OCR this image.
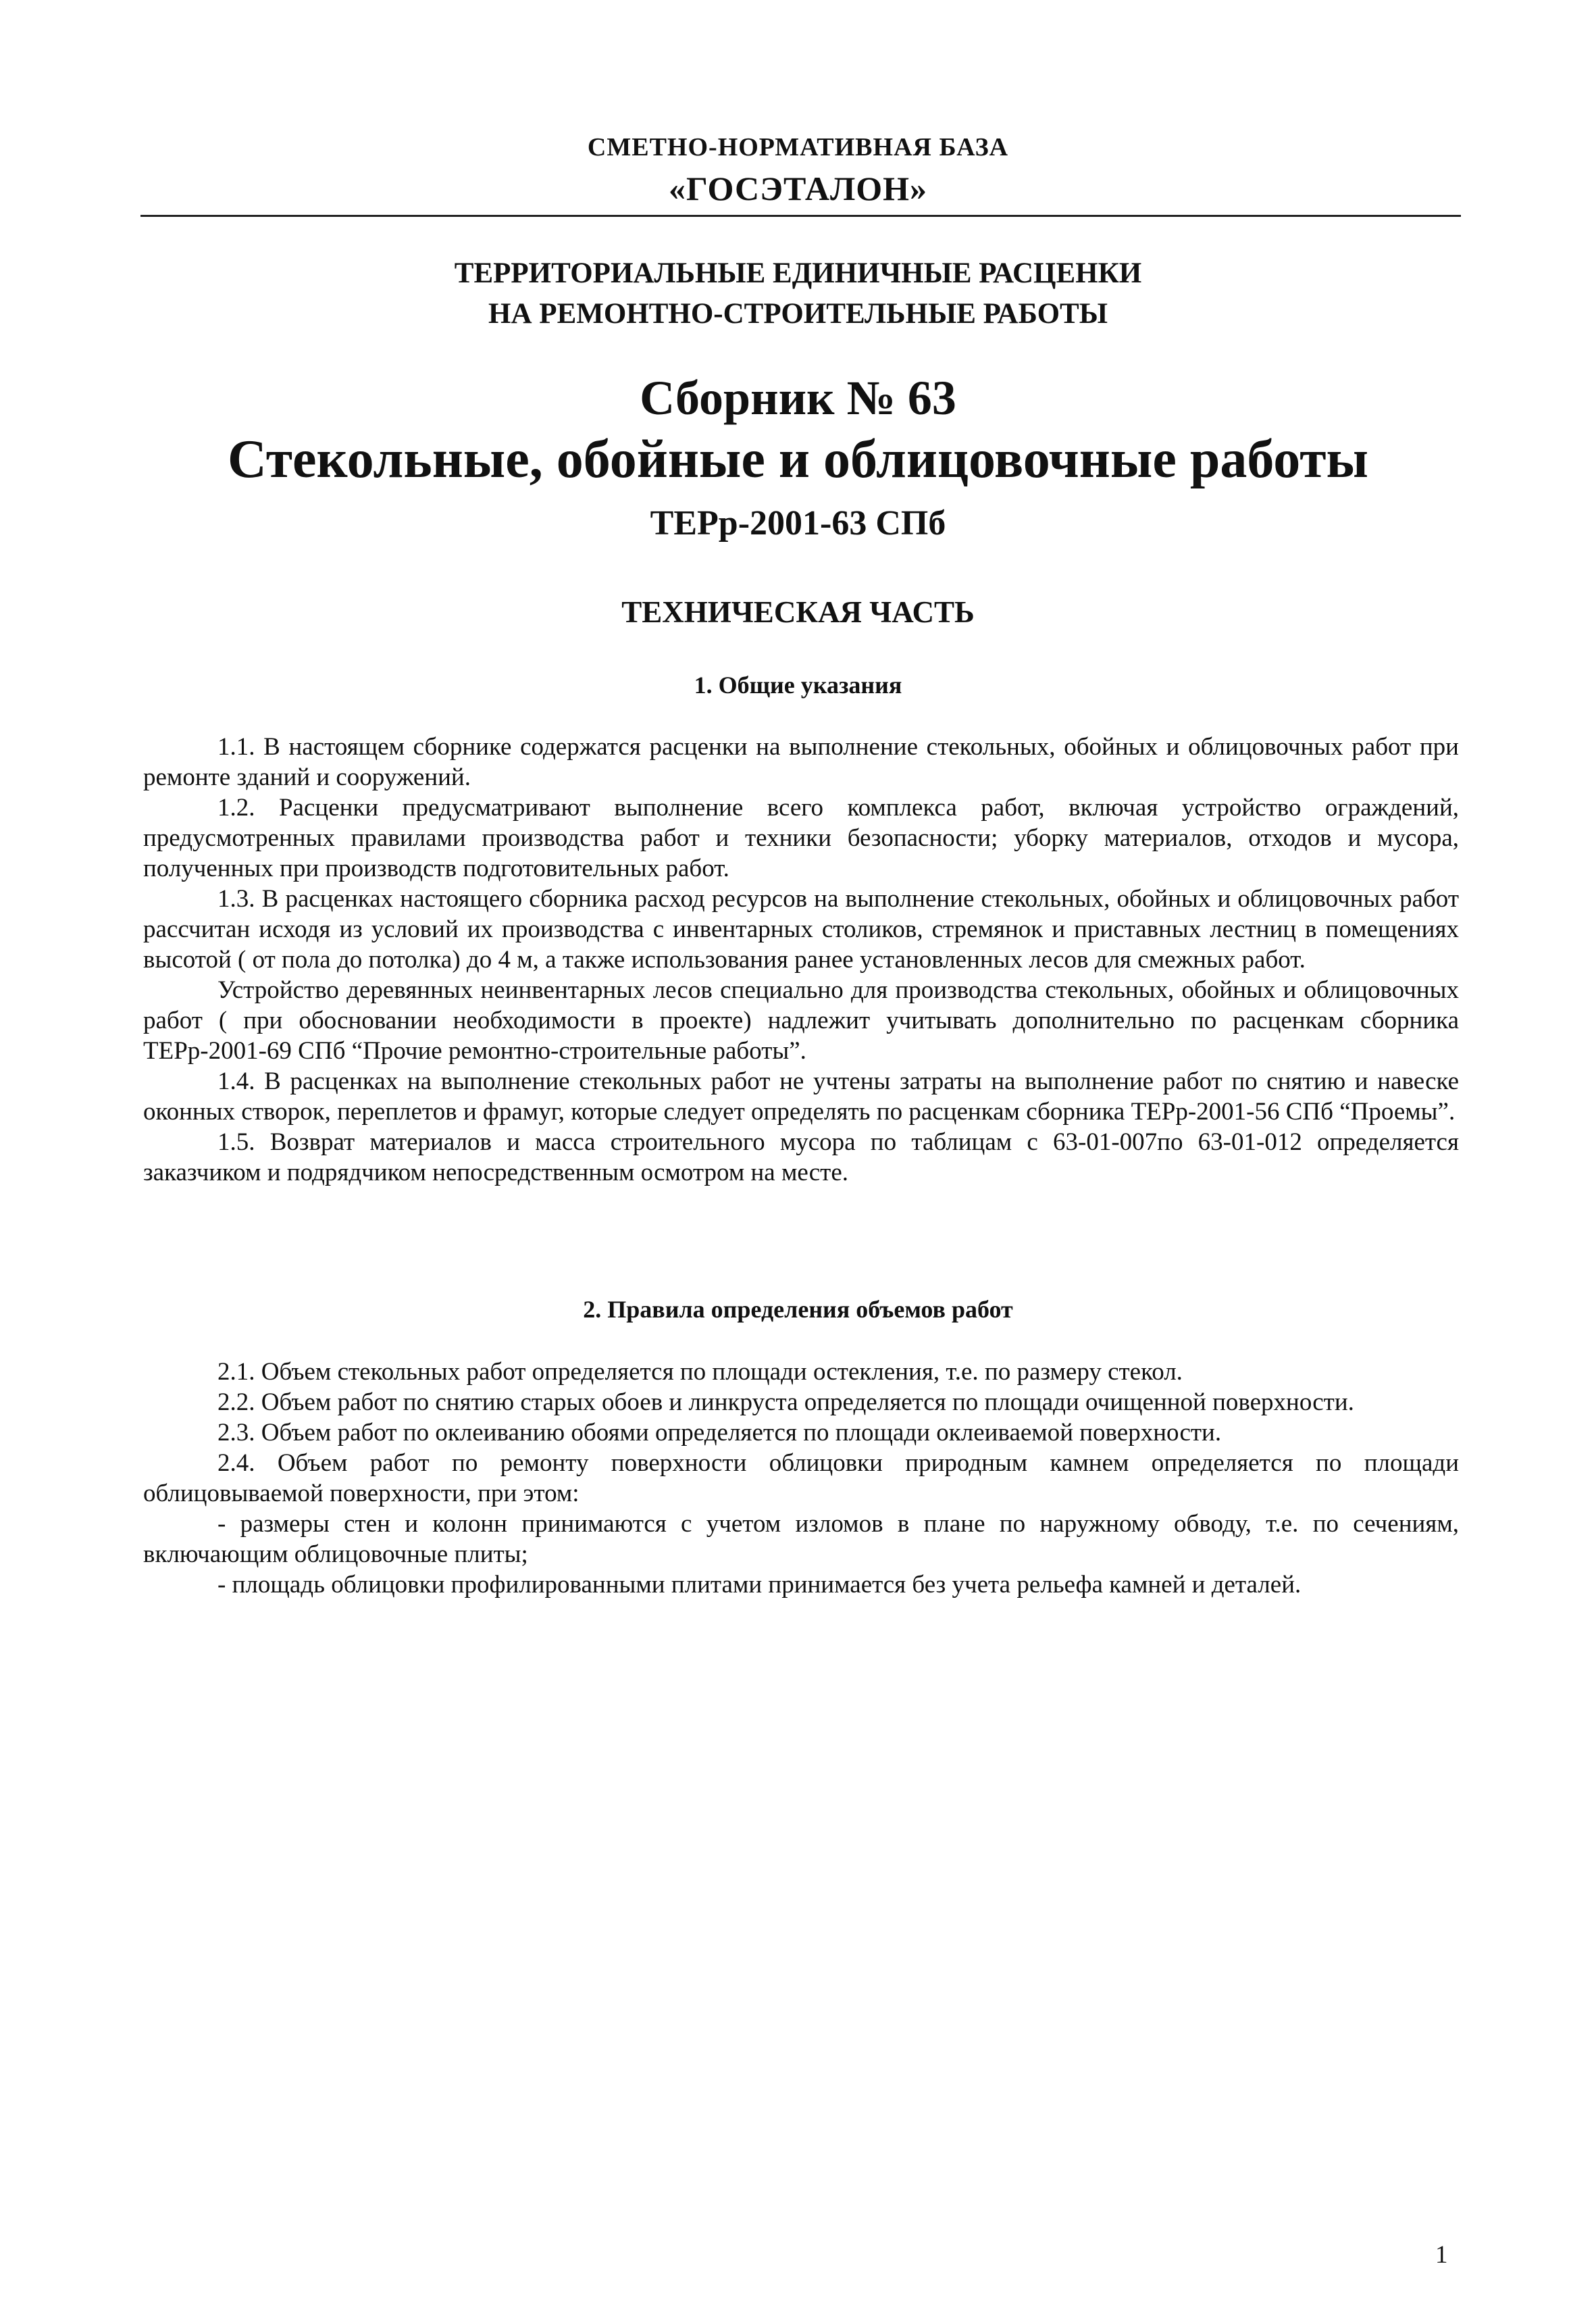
СМЕТНО-НОРМАТИВНАЯ БАЗА
«ГОСЭТАЛОН»
ТЕРРИТОРИАЛЬНЫЕ ЕДИНИЧНЫЕ РАСЦЕНКИ
НА РЕМОНТНО-СТРОИТЕЛЬНЫЕ РАБОТЫ
Сборник № 63
Стекольные, обойные и облицовочные работы
ТЕРр-2001-63 СПб
ТЕХНИЧЕСКАЯ ЧАСТЬ
1. Общие указания

1.1. В настоящем сборнике содержатся расценки на выполнение стекольных, обойных и облицовочных работ при ремонте зданий и сооружений.

1.2. Расценки предусматривают выполнение всего комплекса работ, включая устройство ограждений, предусмотренных правилами производства работ и техники безопасности; уборку материалов, отходов и мусора, полученных при производств подготовительных работ.

1.3. В расценках настоящего сборника расход ресурсов на выполнение стекольных, обойных и облицовочных работ рассчитан исходя из условий их производства с инвентарных столиков, стремянок и приставных лестниц в помещениях высотой ( от пола до потолка) до 4 м, а также использования ранее установленных лесов для смежных работ.

Устройство деревянных неинвентарных лесов специально для производства стекольных, обойных и облицовочных работ ( при обосновании необходимости в проекте) надлежит учитывать дополнительно по расценкам сборника ТЕРр-2001-69 СПб “Прочие ремонтно-строительные работы”.

1.4. В расценках на выполнение стекольных работ не учтены затраты на выполнение работ по снятию и навеске оконных створок, переплетов и фрамуг, которые следует определять по расценкам сборника ТЕРр-2001-56 СПб “Проемы”.

1.5. Возврат материалов и масса строительного мусора по таблицам с 63-01-007по 63-01-012 определяется заказчиком и подрядчиком непосредственным осмотром на месте.

2. Правила определения объемов работ

2.1. Объем стекольных работ определяется по площади остекления, т.е. по размеру стекол.

2.2. Объем работ по снятию старых обоев и линкруста определяется по площади очищенной поверхности.

2.3. Объем работ по оклеиванию обоями определяется по площади оклеиваемой поверхности.

2.4. Объем работ по ремонту поверхности облицовки природным камнем определяется по площади облицовываемой поверхности, при этом:

- размеры стен и колонн принимаются с учетом изломов в плане по наружному обводу, т.е. по сечениям, включающим облицовочные плиты;

- площадь облицовки профилированными плитами принимается без учета рельефа камней и деталей.

1
